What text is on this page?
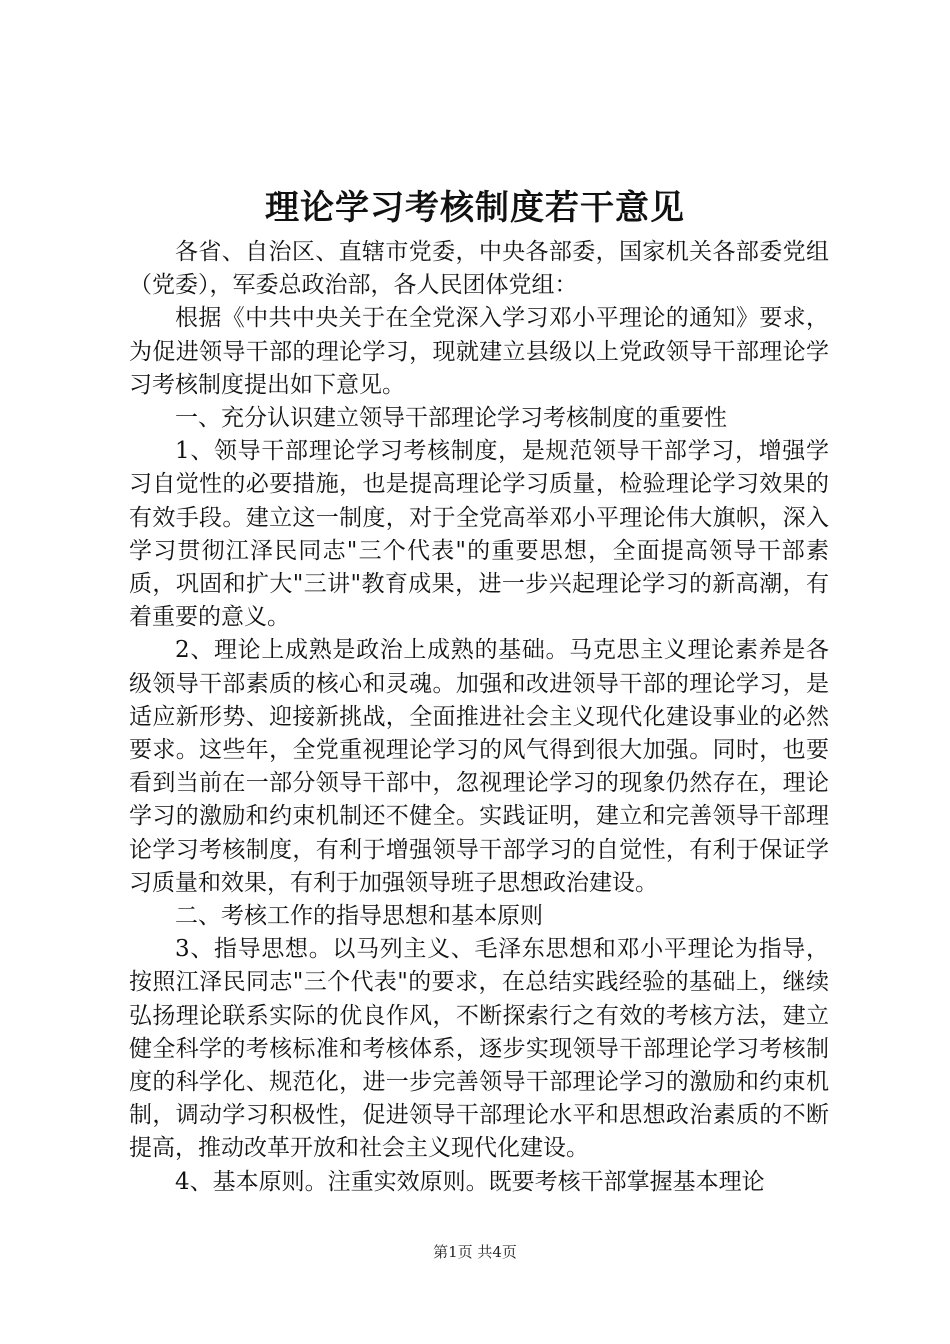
理论学习考核制度若干意见

各省、自治区、直辖市党委，中央各部委，国家机关各部委党组（党委），军委总政治部，各人民团体党组：

根据《中共中央关于在全党深入学习邓小平理论的通知》要求，为促进领导干部的理论学习，现就建立县级以上党政领导干部理论学习考核制度提出如下意见。

一、充分认识建立领导干部理论学习考核制度的重要性

1、领导干部理论学习考核制度，是规范领导干部学习，增强学习自觉性的必要措施，也是提高理论学习质量，检验理论学习效果的有效手段。建立这一制度，对于全党高举邓小平理论伟大旗帜，深入学习贯彻江泽民同志"三个代表"的重要思想，全面提高领导干部素质，巩固和扩大"三讲"教育成果，进一步兴起理论学习的新高潮，有着重要的意义。

2、理论上成熟是政治上成熟的基础。马克思主义理论素养是各级领导干部素质的核心和灵魂。加强和改进领导干部的理论学习，是适应新形势、迎接新挑战，全面推进社会主义现代化建设事业的必然要求。这些年，全党重视理论学习的风气得到很大加强。同时，也要看到当前在一部分领导干部中，忽视理论学习的现象仍然存在，理论学习的激励和约束机制还不健全。实践证明，建立和完善领导干部理论学习考核制度，有利于增强领导干部学习的自觉性，有利于保证学习质量和效果，有利于加强领导班子思想政治建设。

二、考核工作的指导思想和基本原则

3、指导思想。以马列主义、毛泽东思想和邓小平理论为指导，按照江泽民同志"三个代表"的要求，在总结实践经验的基础上，继续弘扬理论联系实际的优良作风，不断探索行之有效的考核方法，建立健全科学的考核标准和考核体系，逐步实现领导干部理论学习考核制度的科学化、规范化，进一步完善领导干部理论学习的激励和约束机制，调动学习积极性，促进领导干部理论水平和思想政治素质的不断提高，推动改革开放和社会主义现代化建设。

4、基本原则。注重实效原则。既要考核干部掌握基本理论

第1页 共4页
